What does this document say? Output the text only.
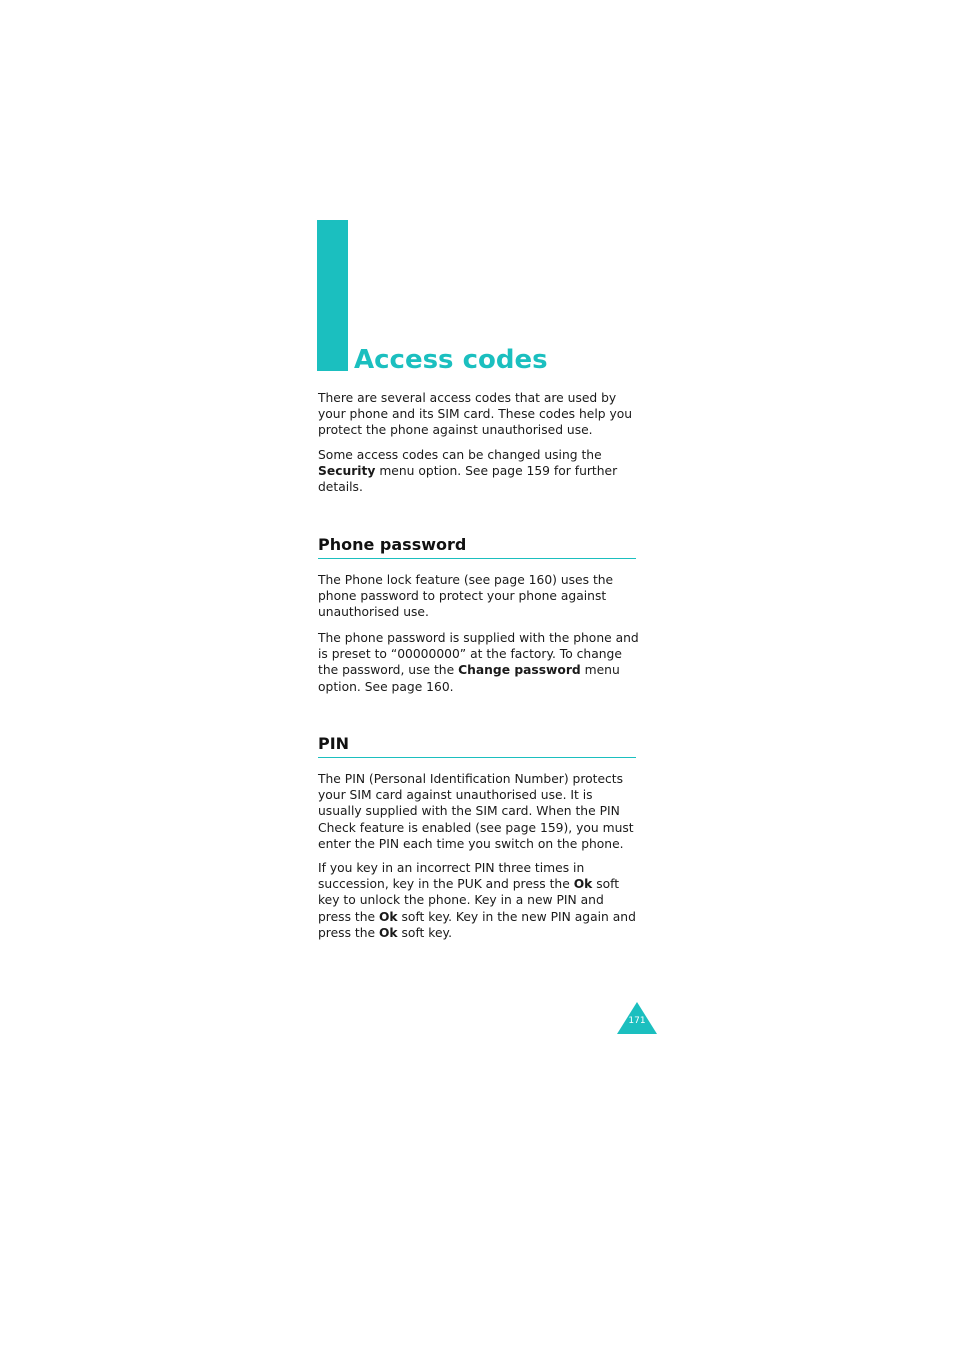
Access codes

There are several access codes that are used by your phone and its SIM card. These codes help you protect the phone against unauthorised use.

Some access codes can be changed using the Security menu option. See page 159 for further details.

Phone password

The Phone lock feature (see page 160) uses the phone password to protect your phone against unauthorised use.

The phone password is supplied with the phone and is preset to “00000000” at the factory. To change the password, use the Change password menu option. See page 160.

PIN

The PIN (Personal Identification Number) protects your SIM card against unauthorised use. It is usually supplied with the SIM card. When the PIN Check feature is enabled (see page 159), you must enter the PIN each time you switch on the phone.

If you key in an incorrect PIN three times in succession, key in the PUK and press the Ok soft key to unlock the phone. Key in a new PIN and press the Ok soft key. Key in the new PIN again and press the Ok soft key.

171
